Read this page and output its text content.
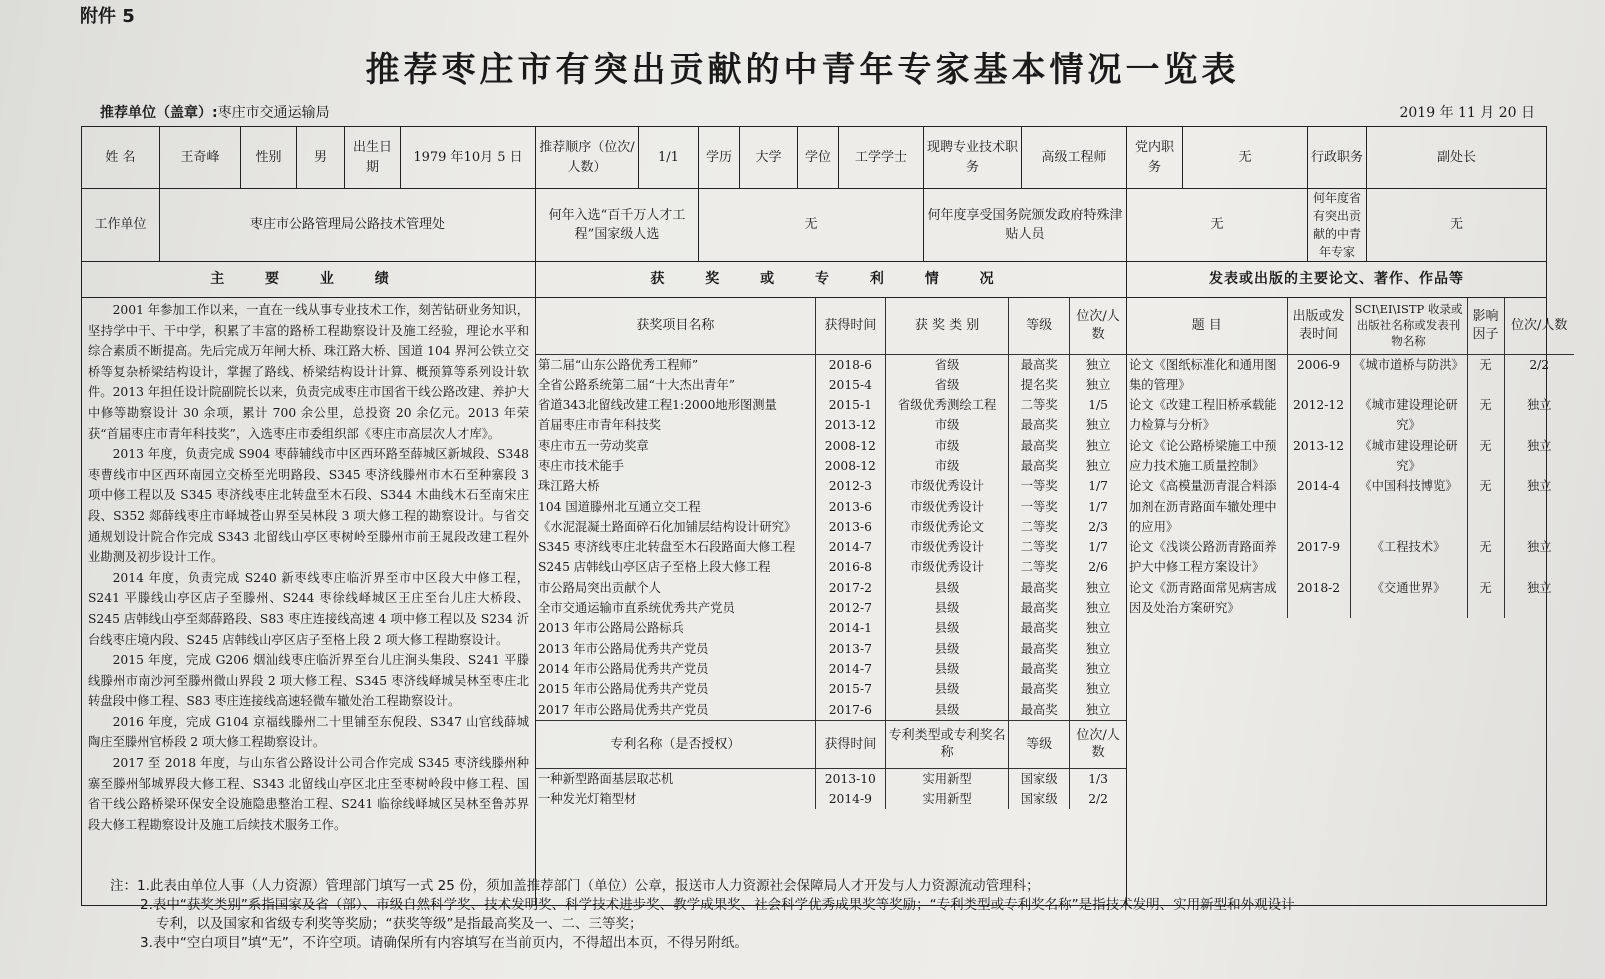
附件 5
推荐枣庄市有突出贡献的中青年专家基本情况一览表
推荐单位（盖章）:枣庄市交通运输局	2019 年 11 月 20 日
姓 名	王奇峰	性别	男	出生日期	1979 年10月 5 日	推荐顺序（位次/人数）	1/1	学历	大学	学位	工学学士	现聘专业技术职务	高级工程师	党内职务	无	行政职务	副处长
工作单位	枣庄市公路管理局公路技术管理处	何年入选“百千万人才工程”国家级人选	无	何年度享受国务院颁发政府特殊津贴人员	无	何年度省有突出贡献的中青年专家	无
主 要 业 绩	获 奖 或 专 利 情 况	发表或出版的主要论文、著作、作品等

2001 年参加工作以来，一直在一线从事专业技术工作，刻苦钻研业务知识，坚持学中干、干中学，积累了丰富的路桥工程勘察设计及施工经验，理论水平和综合素质不断提高。先后完成万年闸大桥、珠江路大桥、国道 104 界河公铁立交桥等复杂桥梁结构设计，掌握了路线、桥梁结构设计计算、概预算等系列设计软件。2013 年担任设计院副院长以来，负责完成枣庄市国省干线公路改建、养护大中修等勘察设计 30 余项，累计 700 余公里，总投资 20 余亿元。2013 年荣获“首届枣庄市青年科技奖”，入选枣庄市委组织部《枣庄市高层次人才库》。

2013 年度，负责完成 S904 枣薛辅线市中区西环路至薛城区新城段、S348 枣曹线市中区西环南园立交桥至光明路段、S345 枣济线滕州市木石至种寨段 3 项中修工程以及 S345 枣济线枣庄北转盘至木石段、S344 木曲线木石至南宋庄段、S352 郯薛线枣庄市峄城苍山界至吴林段 3 项大修工程的勘察设计。与省交通规划设计院合作完成 S343 北留线山亭区枣树岭至滕州市前王晁段改建工程外业勘测及初步设计工作。

2014 年度，负责完成 S240 新枣线枣庄临沂界至市中区段大中修工程，S241 平滕线山亭区店子至滕州、S244 枣徐线峄城区王庄至台儿庄大桥段、S245 店韩线山亭至郯薛路段、S83 枣庄连接线高速 4 项中修工程以及 S234 沂台线枣庄境内段、S245 店韩线山亭区店子至格上段 2 项大修工程勘察设计。

2015 年度，完成 G206 烟汕线枣庄临沂界至台儿庄涧头集段、S241 平滕线滕州市南沙河至滕州微山界段 2 项大修工程、S345 枣济线峄城吴林至枣庄北转盘段中修工程、S83 枣庄连接线高速轻微车辙处治工程勘察设计。

2016 年度，完成 G104 京福线滕州二十里铺至东倪段、S347 山官线薛城陶庄至滕州官桥段 2 项大修工程勘察设计。

2017 至 2018 年度，与山东省公路设计公司合作完成 S345 枣济线滕州种寨至滕州邹城界段大修工程、S343 北留线山亭区北庄至枣树岭段中修工程、国省干线公路桥梁环保安全设施隐患整治工程、S241 临徐线峄城区吴林至鲁苏界段大修工程勘察设计及施工后续技术服务工作。

获奖项目名称	获得时间	获 奖 类 别	等级	位次/人数
第二届“山东公路优秀工程师”	2018-6	省级	最高奖	独立
全省公路系统第二届“十大杰出青年”	2015-4	省级	提名奖	独立
省道343北留线改建工程1:2000地形图测量	2015-1	省级优秀测绘工程	二等奖	1/5
首届枣庄市青年科技奖	2013-12	市级	最高奖	独立
枣庄市五一劳动奖章	2008-12	市级	最高奖	独立
枣庄市技术能手	2008-12	市级	最高奖	独立
珠江路大桥	2012-3	市级优秀设计	一等奖	1/7
104 国道滕州北互通立交工程	2013-6	市级优秀设计	一等奖	1/7
《水泥混凝土路面碎石化加铺层结构设计研究》	2013-6	市级优秀论文	二等奖	2/3
S345 枣济线枣庄北转盘至木石段路面大修工程	2014-7	市级优秀设计	二等奖	1/7
S245 店韩线山亭区店子至格上段大修工程	2016-8	市级优秀设计	二等奖	2/6
市公路局突出贡献个人	2017-2	县级	最高奖	独立
全市交通运输市直系统优秀共产党员	2012-7	县级	最高奖	独立
2013 年市公路局公路标兵	2014-1	县级	最高奖	独立
2013 年市公路局优秀共产党员	2013-7	县级	最高奖	独立
2014 年市公路局优秀共产党员	2014-7	县级	最高奖	独立
2015 年市公路局优秀共产党员	2015-7	县级	最高奖	独立
2017 年市公路局优秀共产党员	2017-6	县级	最高奖	独立
专利名称（是否授权）	获得时间	专利类型或专利奖名称	等级	位次/人数
一种新型路面基层取芯机	2013-10	实用新型	国家级	1/3
一种发光灯箱型材	2014-9	实用新型	国家级	2/2

题 目	出版或发表时间	SCI\EI\ISTP 收录或出版社名称或发表刊物名称	影响因子	位次/人数
论文《图纸标准化和通用图集的管理》	2006-9	《城市道桥与防洪》	无	2/2
论文《改建工程旧桥承载能力检算与分析》	2012-12	《城市建设理论研究》	无	独立
论文《论公路桥梁施工中预应力技术施工质量控制》	2013-12	《城市建设理论研究》	无	独立
论文《高模量沥青混合料添加剂在沥青路面车辙处理中的应用》	2014-4	《中国科技博览》	无	独立
论文《浅谈公路沥青路面养护大中修工程方案设计》	2017-9	《工程技术》	无	独立
论文《沥青路面常见病害成因及处治方案研究》	2018-2	《交通世界》	无	独立
注：1.此表由单位人事（人力资源）管理部门填写一式 25 份，须加盖推荐部门（单位）公章，报送市人力资源社会保障局人才开发与人力资源流动管理科；
2.表中“获奖类别”系指国家及省（部）、市级自然科学奖、技术发明奖、科学技术进步奖、教学成果奖、社会科学优秀成果奖等奖励；“专利类型或专利奖名称”是指技术发明、实用新型和外观设计
专利，以及国家和省级专利奖等奖励；“获奖等级”是指最高奖及一、二、三等奖；
3.表中“空白项目”填“无”，不许空项。请确保所有内容填写在当前页内，不得超出本页，不得另附纸。
